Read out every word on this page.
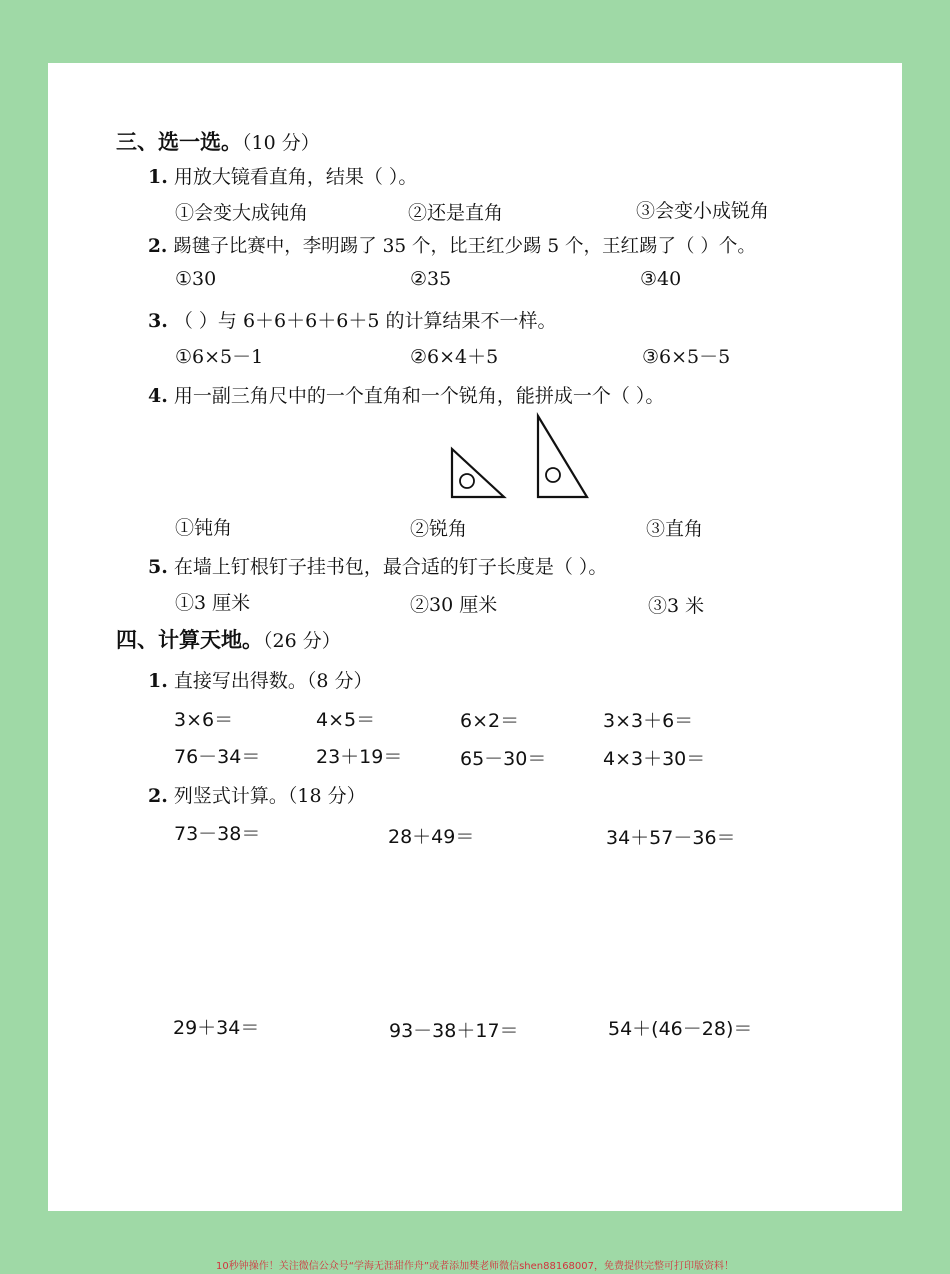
三、选一选。（10 分）
1. 用放大镜看直角，结果（ ）。
①会变大成钝角	②还是直角	③会变小成锐角
2. 踢毽子比赛中，李明踢了 35 个，比王红少踢 5 个，王红踢了（ ）个。
①30	②35	③40
3. （ ）与 6＋6＋6＋6＋5 的计算结果不一样。
①6×5－1	②6×4＋5	③6×5－5
4. 用一副三角尺中的一个直角和一个锐角，能拼成一个（ ）。
①钝角	②锐角	③直角
5. 在墙上钉根钉子挂书包，最合适的钉子长度是（ ）。
①3 厘米	②30 厘米	③3 米
四、计算天地。（26 分）
1. 直接写出得数。（8 分）
3×6＝	4×5＝	6×2＝	3×3＋6＝
76－34＝	23＋19＝	65－30＝	4×3＋30＝
2. 列竖式计算。（18 分）
73－38＝	28＋49＝	34＋57－36＝
29＋34＝	93－38＋17＝	54＋(46－28)＝
10秒钟操作！关注微信公众号“学海无涯甜作舟”或者添加樊老师微信shen88168007，免费提供完整可打印版资料！
